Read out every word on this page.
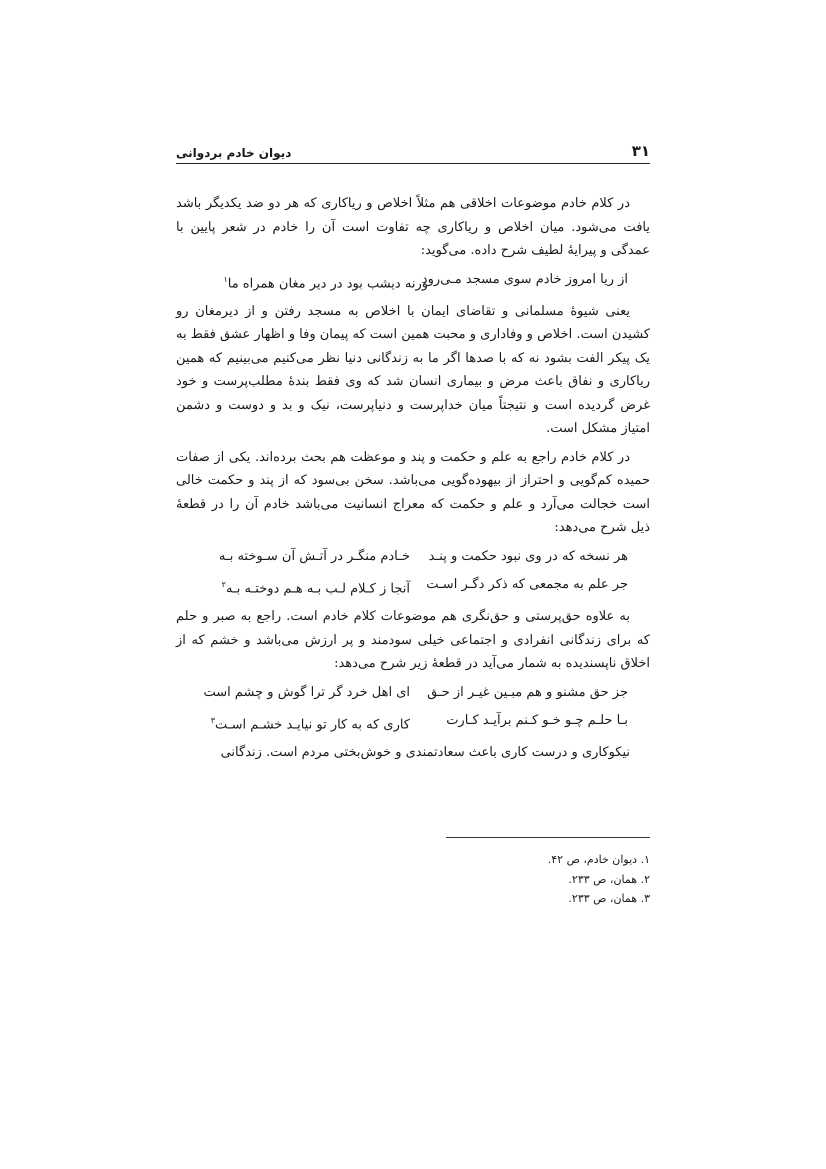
۳۱
دیوان خادم بردوانی

در کلام خادم موضوعات اخلاقی هم مثلاً اخلاص و ریاکاری که هر دو ضد یکدیگر باشد یافت می‌شود. میان اخلاص و ریاکاری چه تفاوت است آن را خادم در شعر پایین با عمدگی و پیرایهٔ لطیف شرح داده. می‌گوید:

از ریا امروز خادم سوی مسجد مـی‌رود
ورنه دیشب بود در دیر مغان همراه ما$^۱$

یعنی شیوهٔ مسلمانی و تقاضای ایمان با اخلاص به مسجد رفتن و از دیرمغان رو کشیدن است. اخلاص و وفاداری و محبت همین است که پیمان وفا و اظهار عشق فقط به یک پیکر الفت بشود نه که با صدها اگر ما به زندگانی دنیا نظر می‌کنیم می‌بینیم که همین ریاکاری و نفاق باعث مرض و بیماری انسان شد که وی فقط بندهٔ مطلب‌پرست و خود غرض گردیده است و نتیجتاً میان خداپرست و دنیاپرست، نیک و بد و دوست و دشمن امتیاز مشکل است.

در کلام خادم راجع به علم و حکمت و پند و موعظت هم بحث برده‌اند. یکی از صفات حمیده کم‌گویی و احتراز از بیهوده‌گویی می‌باشد. سخن بی‌سود که از پند و حکمت خالی است خجالت می‌آرد و علم و حکمت که معراج انسانیت می‌باشد خادم آن را در قطعهٔ ذیل شرح می‌دهد:

هر نسخه که در وی نبود حکمت و پنـد
خـادم منگـر در آتـش آن سـوخته بـه
جر علم به مجمعی که ذکر دگـر اسـت
آنجا ز کـلام لـب بـه هـم دوختـه بـه$^۲$

به علاوه حق‌پرستی و حق‌نگری هم موضوعات کلام خادم است. راجع به صبر و حلم که برای زندگانی انفرادی و اجتماعی خیلی سودمند و پر ارزش می‌باشد و خشم که از اخلاق ناپسندیده به شمار می‌آید در قطعهٔ زیر شرح می‌دهد:

جز حق مشنو و هم مبـین غیـر از حـق
ای اهل خرد گر ترا گوش و چشم است
بـا حلـم چـو خـو کـنم برآیـد کـارت
کاری که به کار تو نیایـد خشـم اسـت$^۳$

نیکوکاری و درست کاری باعث سعادتمندی و خوش‌بختی مردم است. زندگانی

۱. دیوان خادم، ص ۴۲.
۲. همان، ص ۲۳۳.
۳. همان، ص ۲۳۳.
